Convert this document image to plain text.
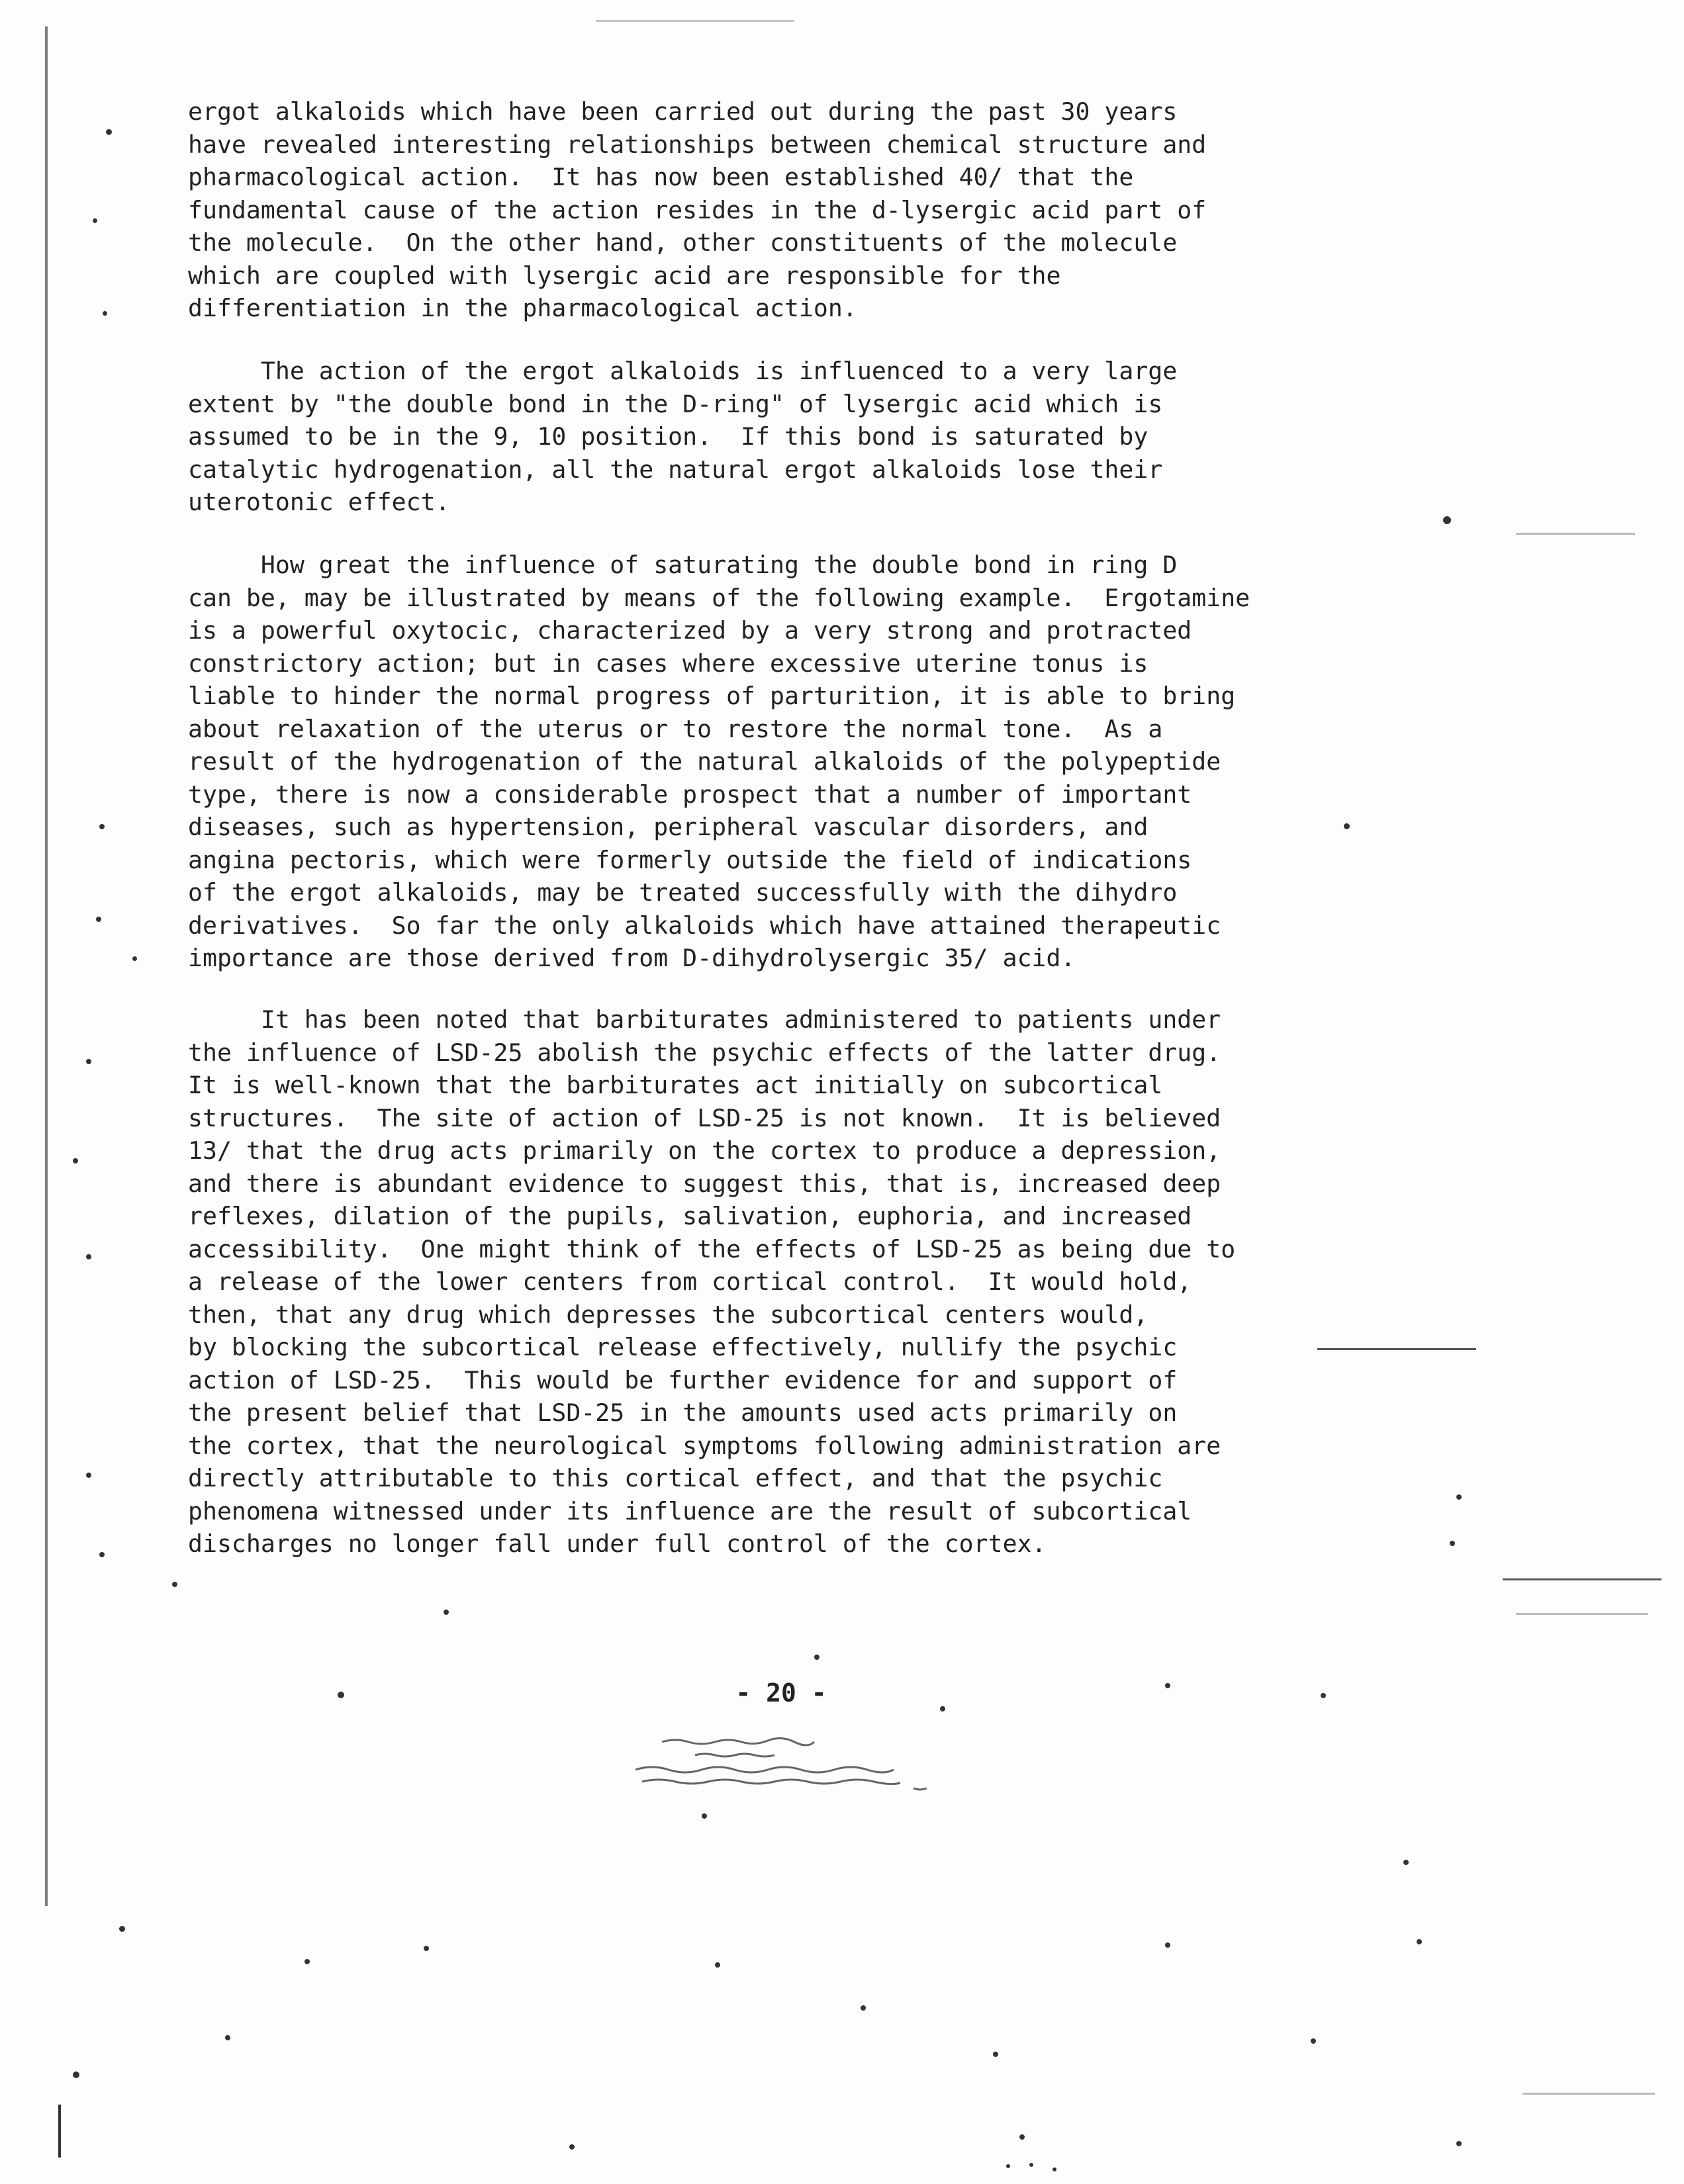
ergot alkaloids which have been carried out during the past 30 years
have revealed interesting relationships between chemical structure and
pharmacological action.  It has now been established 40/ that the
fundamental cause of the action resides in the d-lysergic acid part of
the molecule.  On the other hand, other constituents of the molecule
which are coupled with lysergic acid are responsible for the
differentiation in the pharmacological action.
The action of the ergot alkaloids is influenced to a very large
extent by "the double bond in the D-ring" of lysergic acid which is
assumed to be in the 9, 10 position.  If this bond is saturated by
catalytic hydrogenation, all the natural ergot alkaloids lose their
uterotonic effect.
How great the influence of saturating the double bond in ring D
can be, may be illustrated by means of the following example.  Ergotamine
is a powerful oxytocic, characterized by a very strong and protracted
constrictory action; but in cases where excessive uterine tonus is
liable to hinder the normal progress of parturition, it is able to bring
about relaxation of the uterus or to restore the normal tone.  As a
result of the hydrogenation of the natural alkaloids of the polypeptide
type, there is now a considerable prospect that a number of important
diseases, such as hypertension, peripheral vascular disorders, and
angina pectoris, which were formerly outside the field of indications
of the ergot alkaloids, may be treated successfully with the dihydro
derivatives.  So far the only alkaloids which have attained therapeutic
importance are those derived from D-dihydrolysergic 35/ acid.
It has been noted that barbiturates administered to patients under
the influence of LSD-25 abolish the psychic effects of the latter drug.
It is well-known that the barbiturates act initially on subcortical
structures.  The site of action of LSD-25 is not known.  It is believed
13/ that the drug acts primarily on the cortex to produce a depression,
and there is abundant evidence to suggest this, that is, increased deep
reflexes, dilation of the pupils, salivation, euphoria, and increased
accessibility.  One might think of the effects of LSD-25 as being due to
a release of the lower centers from cortical control.  It would hold,
then, that any drug which depresses the subcortical centers would,
by blocking the subcortical release effectively, nullify the psychic
action of LSD-25.  This would be further evidence for and support of
the present belief that LSD-25 in the amounts used acts primarily on
the cortex, that the neurological symptoms following administration are
directly attributable to this cortical effect, and that the psychic
phenomena witnessed under its influence are the result of subcortical
discharges no longer fall under full control of the cortex.
- 20 -
